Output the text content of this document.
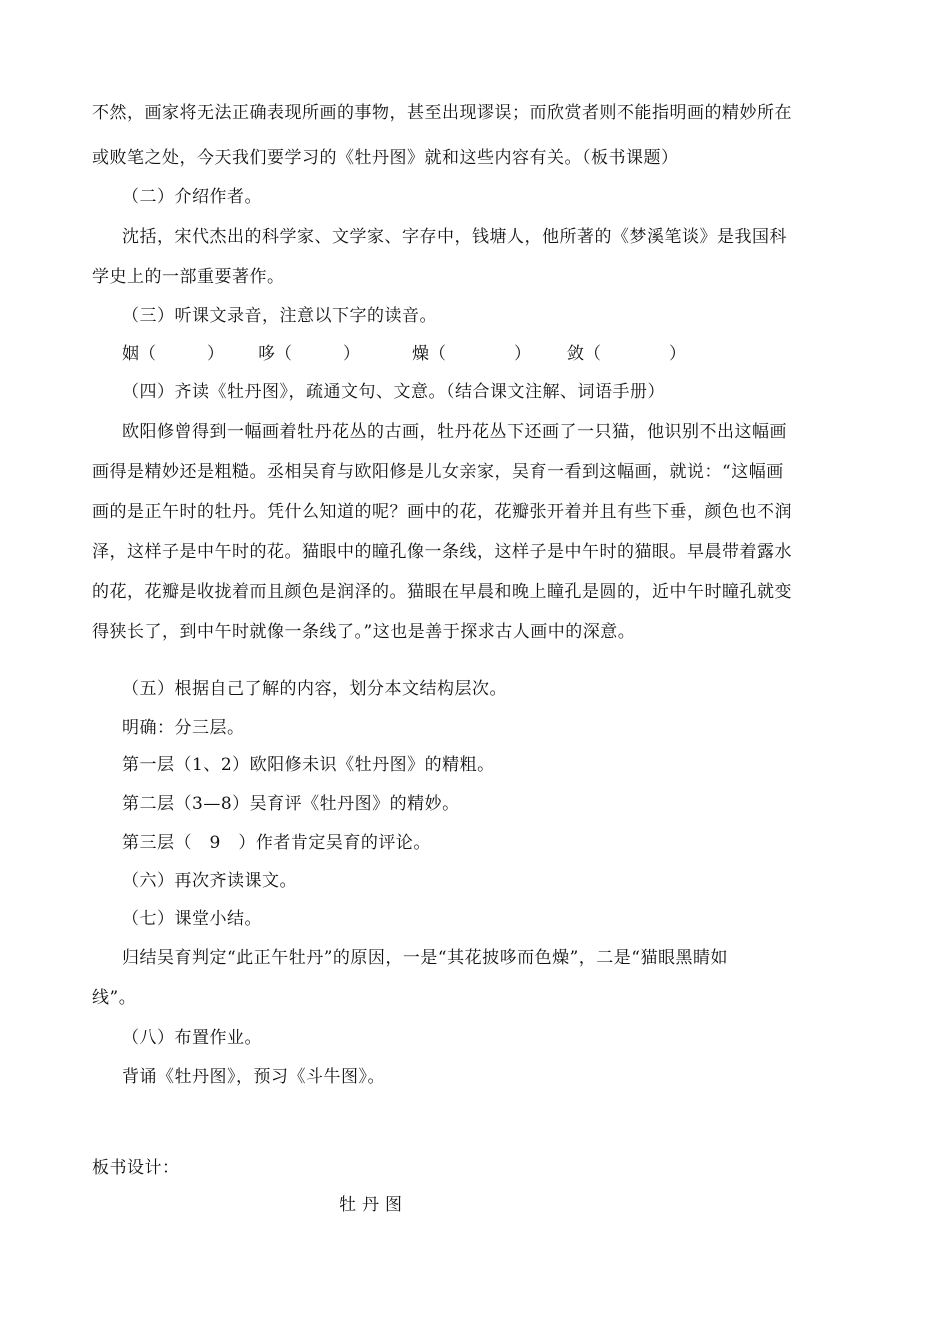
不然，画家将无法正确表现所画的事物，甚至出现谬误；而欣赏者则不能指明画的精妙所在
或败笔之处，今天我们要学习的《牡丹图》就和这些内容有关。（板书课题）
（二）介绍作者。
沈括，宋代杰出的科学家、文学家、字存中，钱塘人，他所著的《梦溪笔谈》是我国科
学史上的一部重要著作。
（三）听课文录音，注意以下字的读音。
姻（　　　） 哆（　　　）	燥（　　　　） 敛（　　　　）
（四）齐读《牡丹图》，疏通文句、文意。（结合课文注解、词语手册）
欧阳修曾得到一幅画着牡丹花丛的古画，牡丹花丛下还画了一只猫，他识别不出这幅画
画得是精妙还是粗糙。丞相吴育与欧阳修是儿女亲家，吴育一看到这幅画，就说：“这幅画
画的是正午时的牡丹。凭什么知道的呢？画中的花，花瓣张开着并且有些下垂，颜色也不润
泽，这样子是中午时的花。猫眼中的瞳孔像一条线，这样子是中午时的猫眼。早晨带着露水
的花，花瓣是收拢着而且颜色是润泽的。猫眼在早晨和晚上瞳孔是圆的，近中午时瞳孔就变
得狭长了，到中午时就像一条线了。”这也是善于探求古人画中的深意。
（五）根据自己了解的内容，划分本文结构层次。
明确：分三层。
第一层（1、2）欧阳修未识《牡丹图》的精粗。
第二层（3—8）吴育评《牡丹图》的精妙。
第三层（　9　）作者肯定吴育的评论。
（六）再次齐读课文。
（七）课堂小结。
归结吴育判定“此正午牡丹”的原因，一是“其花披哆而色燥”，二是“猫眼黑睛如
线”。
（八）布置作业。
背诵《牡丹图》，预习《斗牛图》。
板书设计：
牡丹图
